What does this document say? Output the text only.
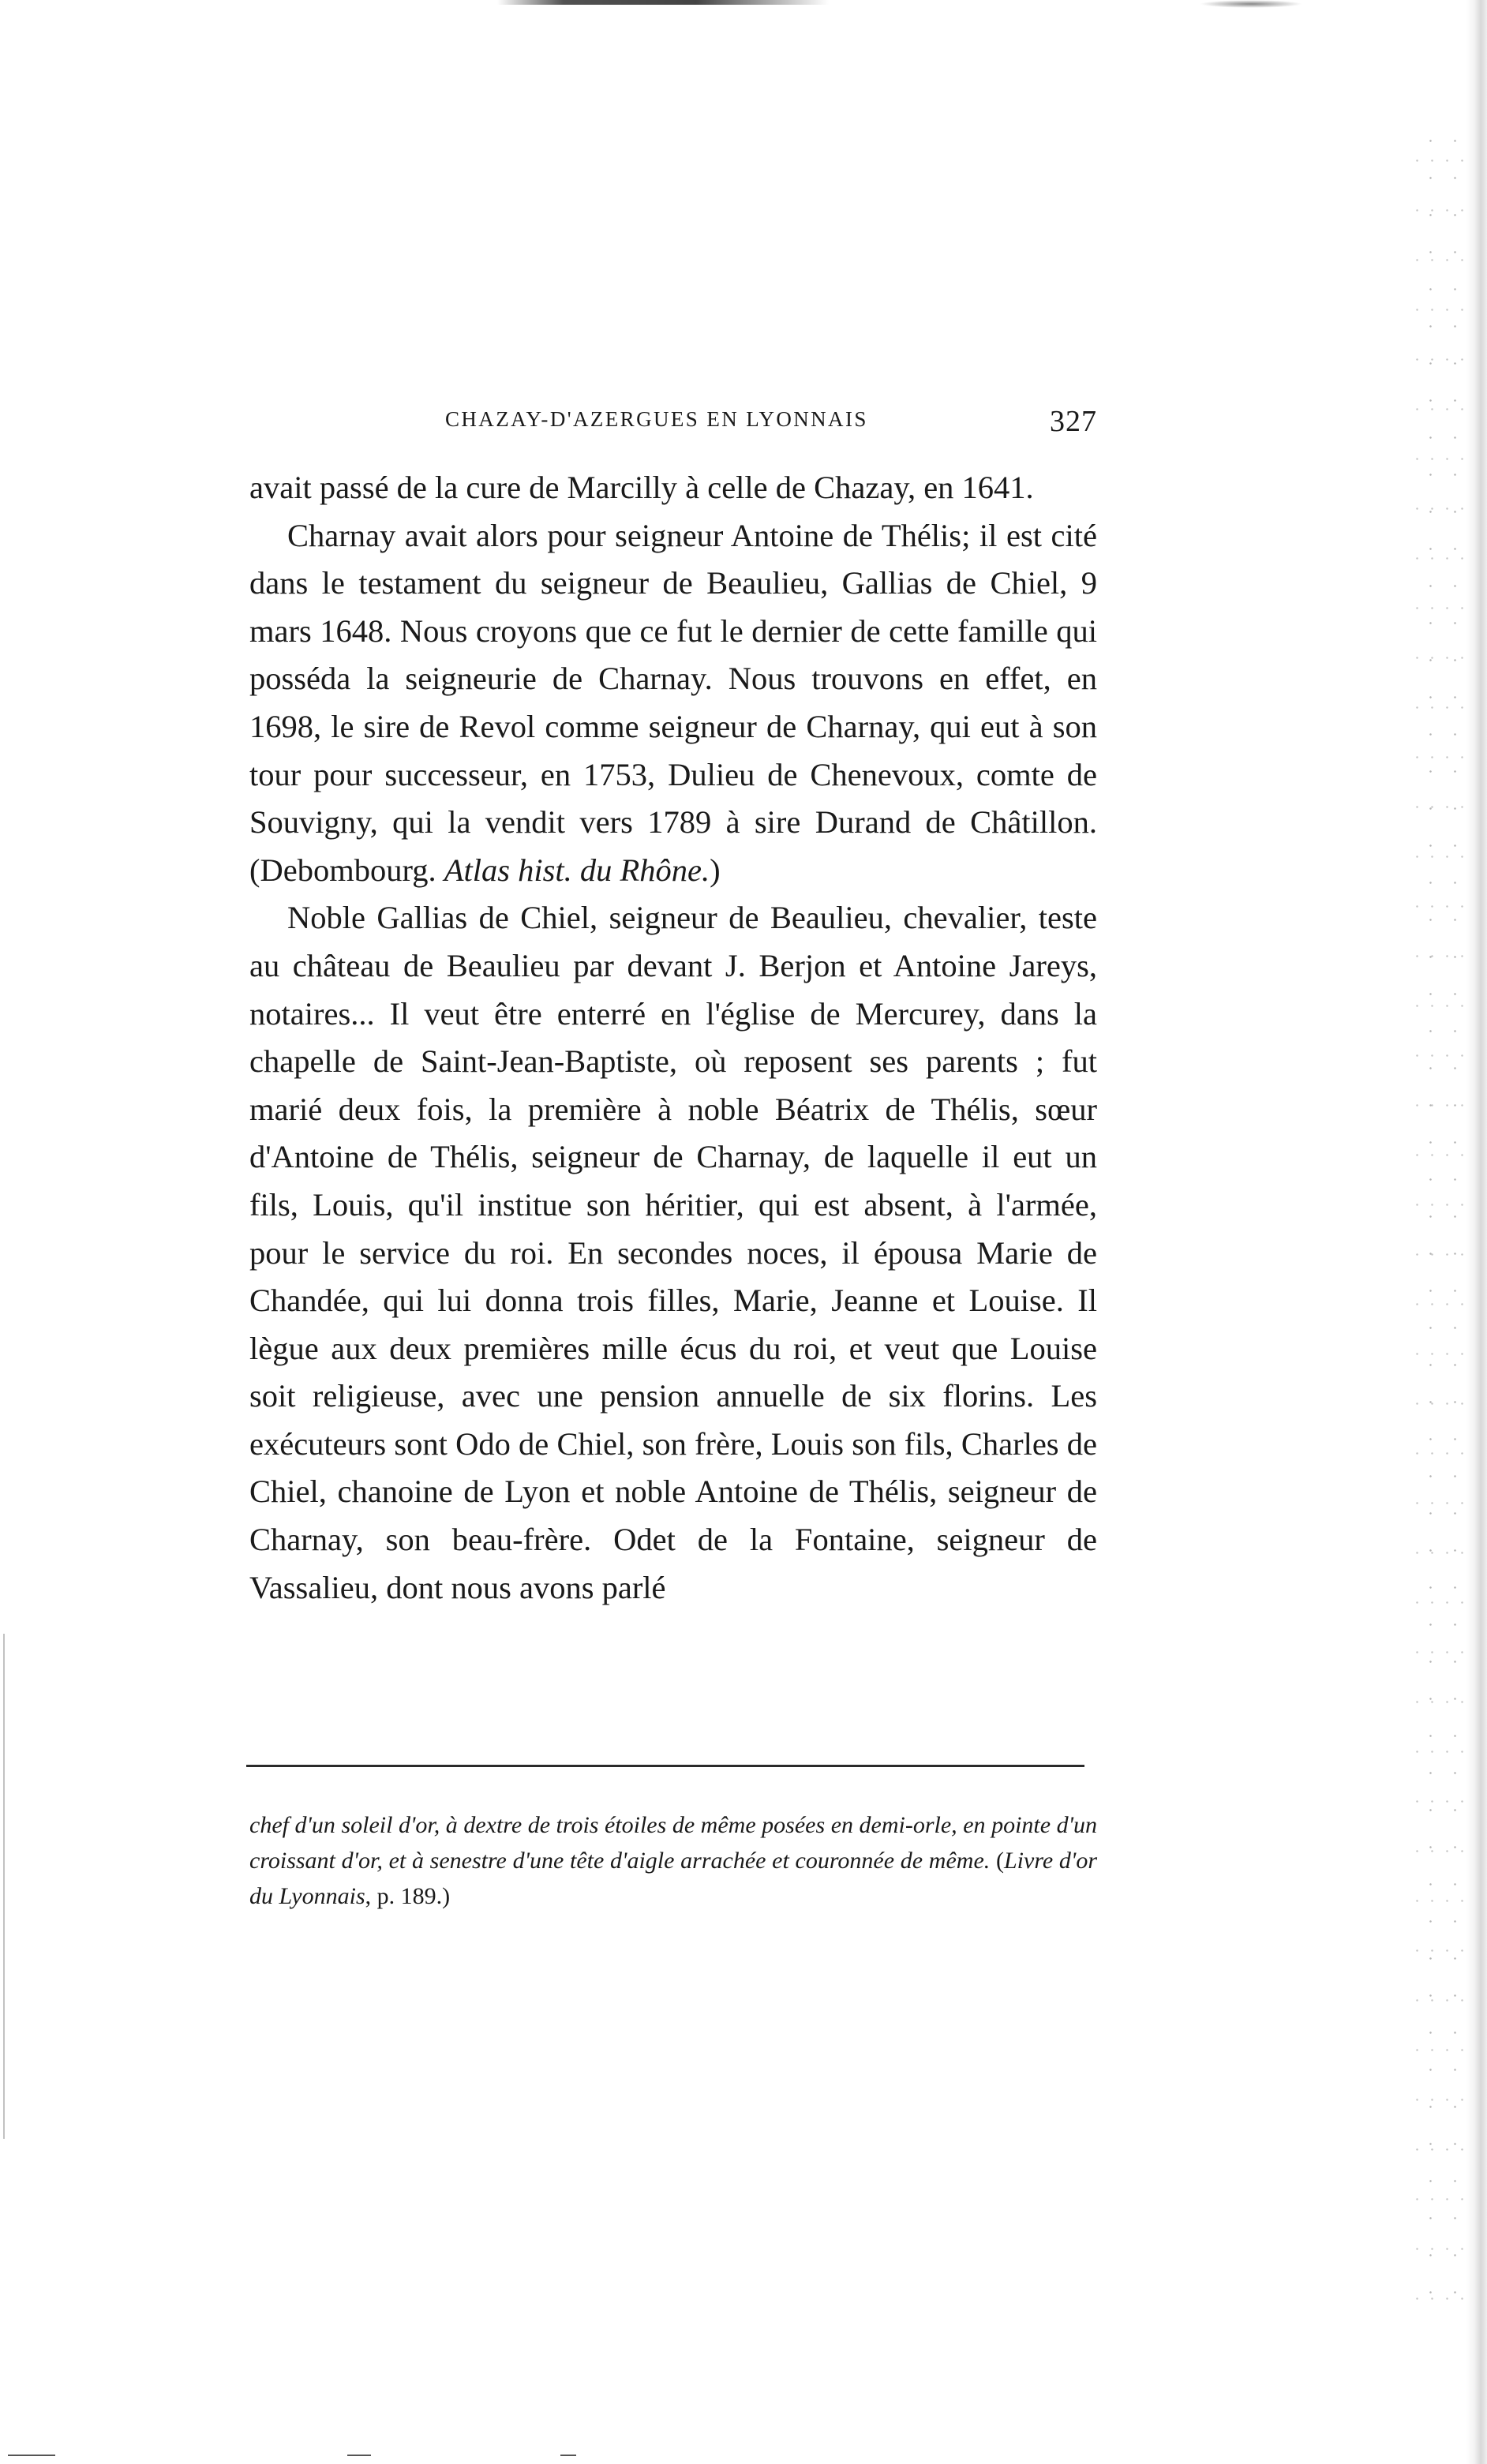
CHAZAY-D'AZERGUES EN LYONNAIS	327

avait passé de la cure de Marcilly à celle de Chazay, en 1641.

Charnay avait alors pour seigneur Antoine de Thélis; il est cité dans le testament du seigneur de Beaulieu, Gallias de Chiel, 9 mars 1648. Nous croyons que ce fut le dernier de cette famille qui posséda la seigneurie de Charnay. Nous trouvons en effet, en 1698, le sire de Revol comme seigneur de Charnay, qui eut à son tour pour successeur, en 1753, Dulieu de Chenevoux, comte de Souvigny, qui la vendit vers 1789 à sire Durand de Châtillon. (Debombourg. Atlas hist. du Rhône.)

Noble Gallias de Chiel, seigneur de Beaulieu, chevalier, teste au château de Beaulieu par devant J. Berjon et Antoine Jareys, notaires... Il veut être enterré en l'église de Mercurey, dans la chapelle de Saint-Jean-Baptiste, où reposent ses parents ; fut marié deux fois, la première à noble Béatrix de Thélis, sœur d'Antoine de Thélis, seigneur de Charnay, de laquelle il eut un fils, Louis, qu'il institue son héritier, qui est absent, à l'armée, pour le service du roi. En secondes noces, il épousa Marie de Chandée, qui lui donna trois filles, Marie, Jeanne et Louise. Il lègue aux deux premières mille écus du roi, et veut que Louise soit religieuse, avec une pension annuelle de six florins. Les exécuteurs sont Odo de Chiel, son frère, Louis son fils, Charles de Chiel, chanoine de Lyon et noble Antoine de Thélis, seigneur de Charnay, son beau-frère. Odet de la Fontaine, seigneur de Vassalieu, dont nous avons parlé

chef d'un soleil d'or, à dextre de trois étoiles de même posées en demi-orle, en pointe d'un croissant d'or, et à senestre d'une tête d'aigle arrachée et couronnée de même. (Livre d'or du Lyonnais, p. 189.)
